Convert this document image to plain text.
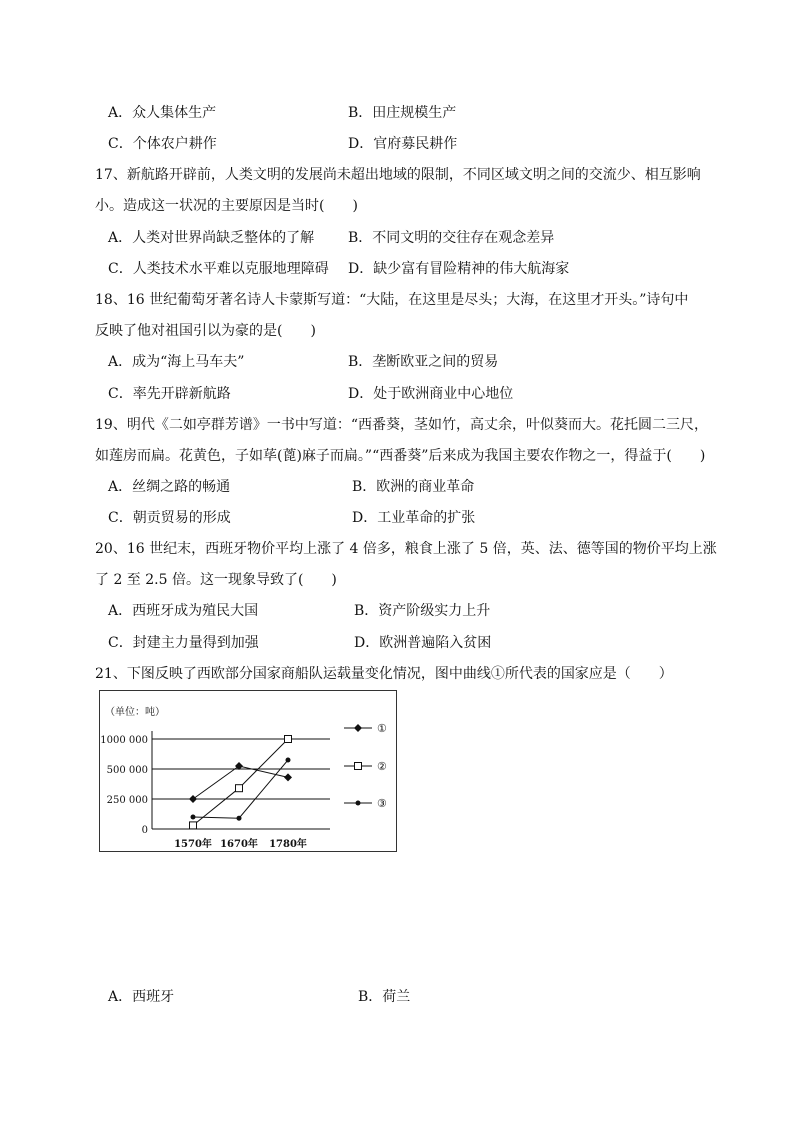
A．众人集体生产	B．田庄规模生产
C．个体农户耕作	D．官府募民耕作
17、新航路开辟前，人类文明的发展尚未超出地域的限制，不同区域文明之间的交流少、相互影响
小。造成这一状况的主要原因是当时(　　)
A．人类对世界尚缺乏整体的了解 B．不同文明的交往存在观念差异
C．人类技术水平难以克服地理障碍 D．缺少富有冒险精神的伟大航海家
18、16 世纪葡萄牙著名诗人卡蒙斯写道：“大陆，在这里是尽头；大海，在这里才开头。”诗句中
反映了他对祖国引以为豪的是(　　)
A．成为“海上马车夫”	B．垄断欧亚之间的贸易
C．率先开辟新航路	D．处于欧洲商业中心地位
19、明代《二如亭群芳谱》一书中写道：“西番葵，茎如竹，高丈余，叶似葵而大。花托圆二三尺，
如莲房而扁。花黄色，子如荜(蓖)麻子而扁。”“西番葵”后来成为我国主要农作物之一，得益于(　　)
A．丝绸之路的畅通	B．欧洲的商业革命
C．朝贡贸易的形成	D．工业革命的扩张
20、16 世纪末，西班牙物价平均上涨了 4 倍多，粮食上涨了 5 倍，英、法、德等国的物价平均上涨
了 2 至 2.5 倍。这一现象导致了(　　)
A．西班牙成为殖民大国	B．资产阶级实力上升
C．封建主力量得到加强	D．欧洲普遍陷入贫困
21、下图反映了西欧部分国家商船队运载量变化情况，图中曲线①所代表的国家应是（　　）
（单位：吨）
1000 000
500 000
250 000
0
1570年 1670年 1780年
①
②
③
A．西班牙	B．荷兰
